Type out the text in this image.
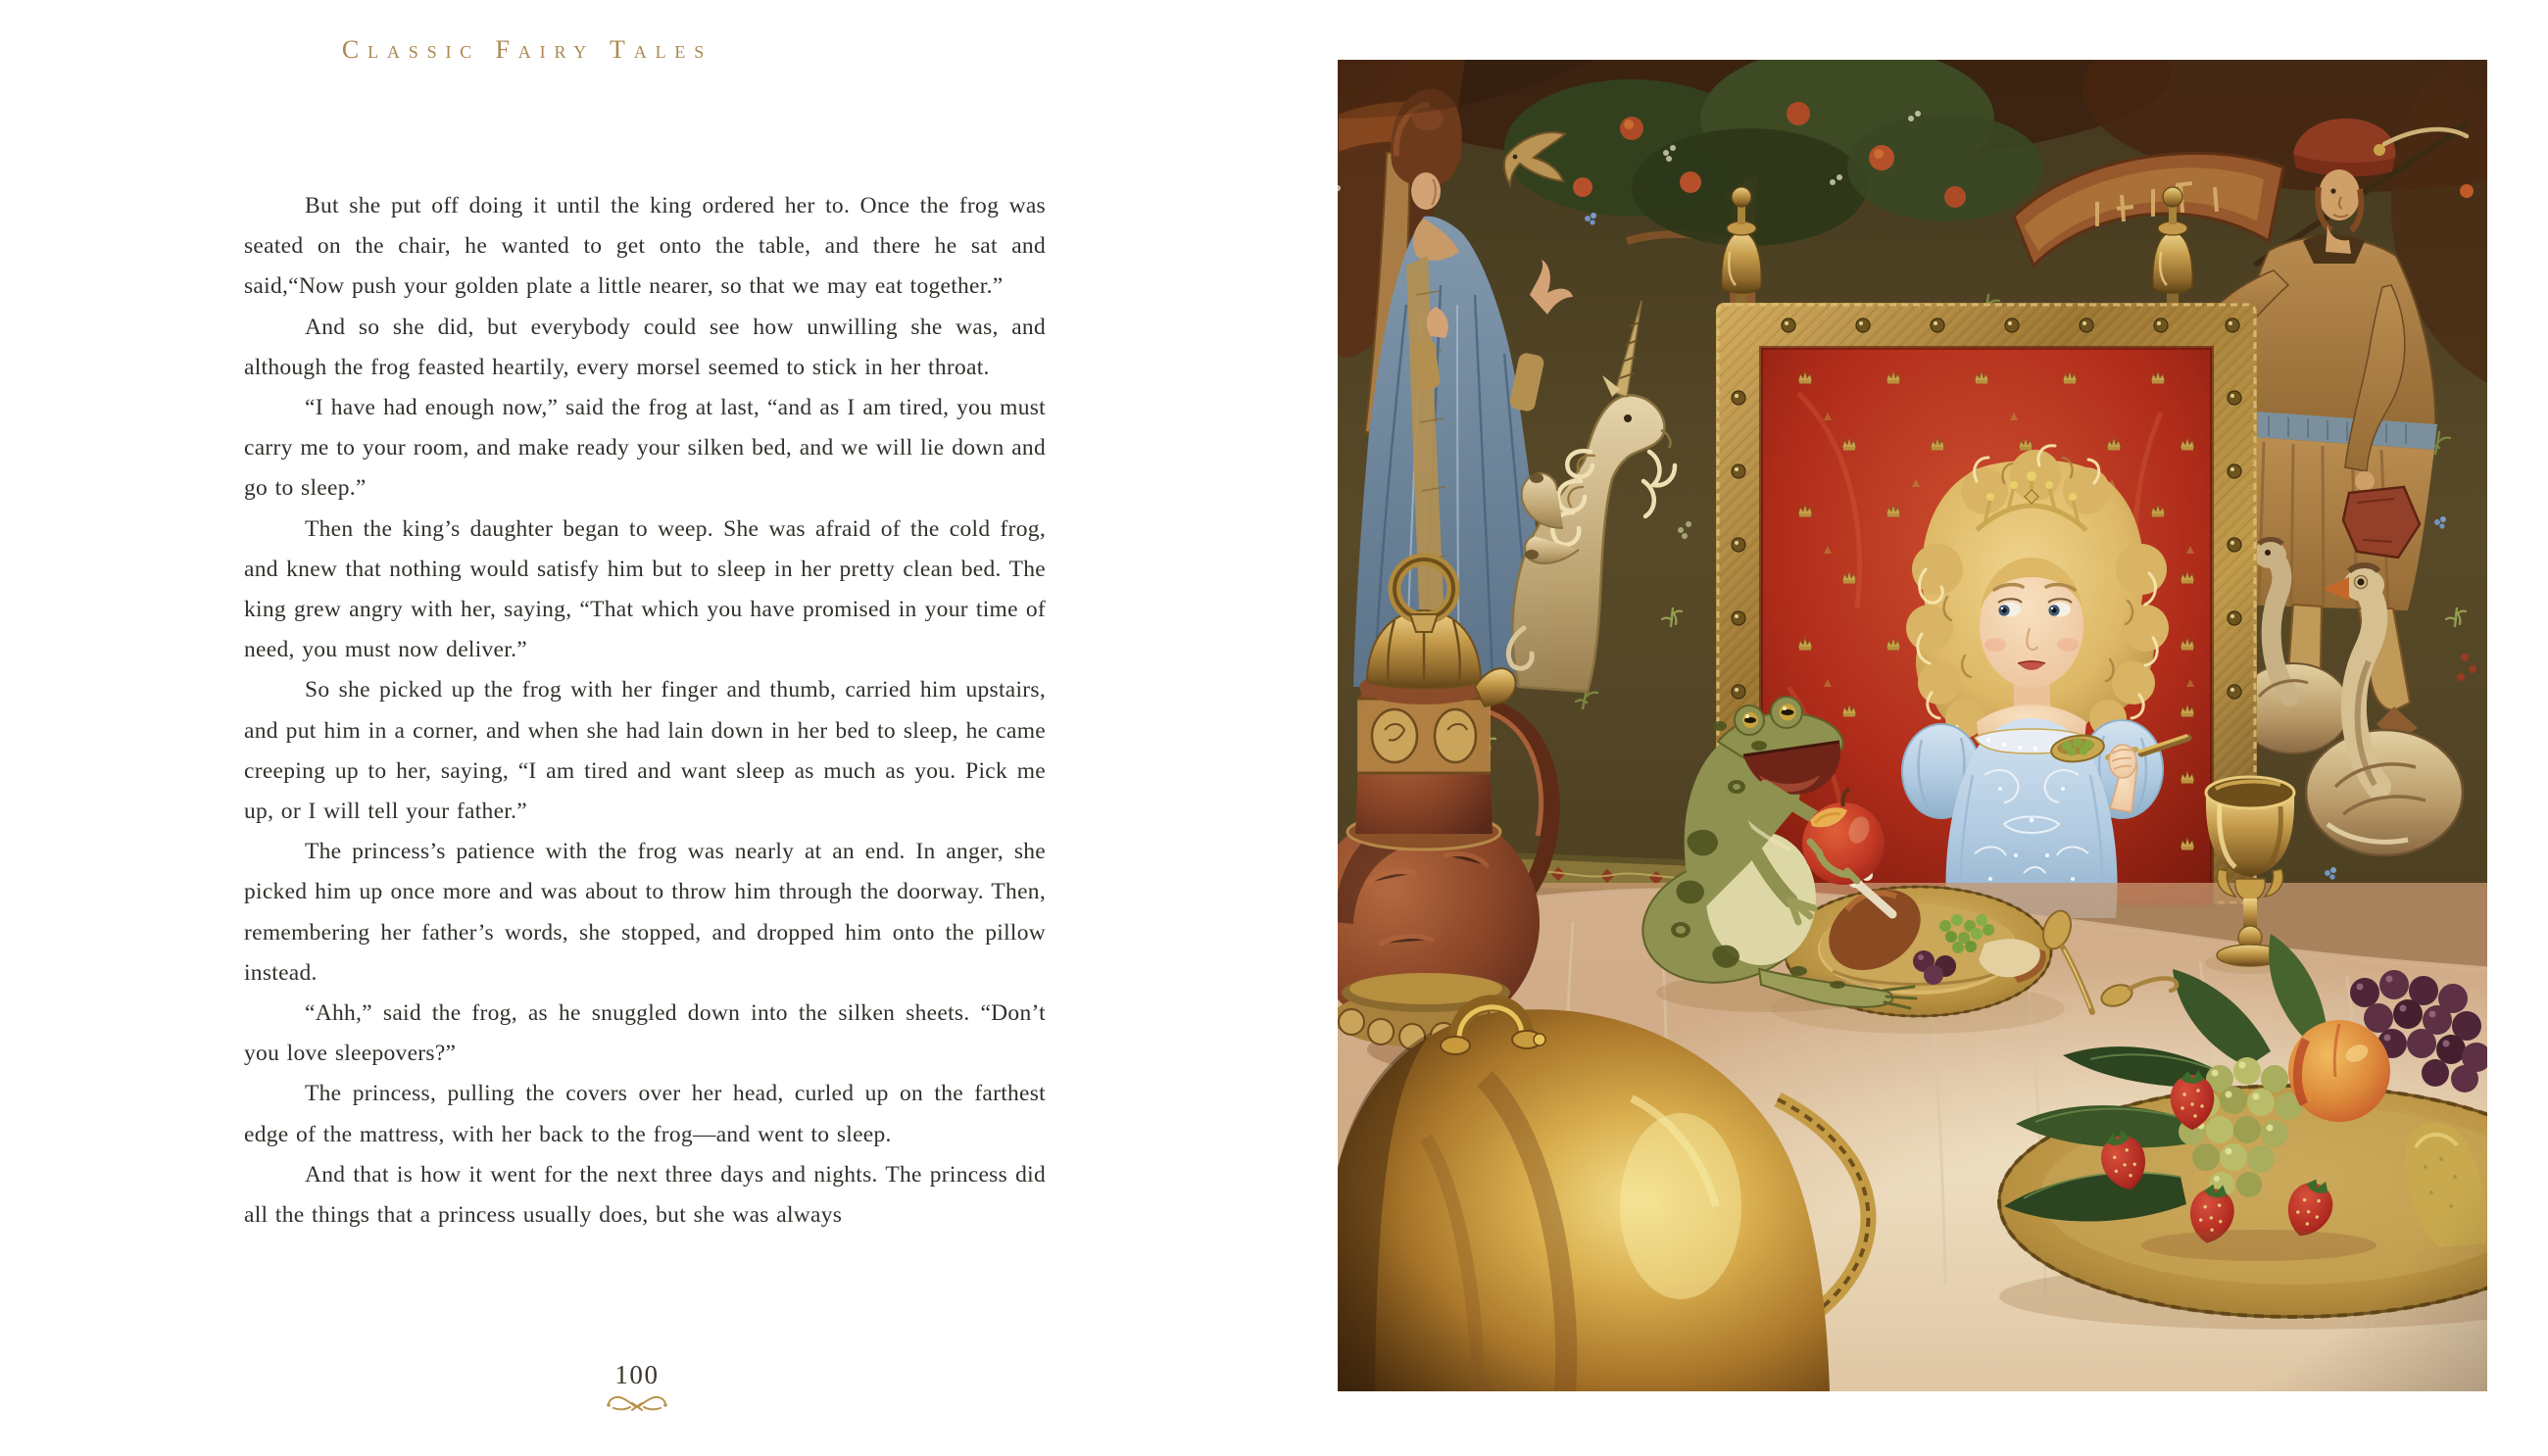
Classic Fairy Tales

But she put off doing it until the king ordered her to. Once the frog was seated on the chair, he wanted to get onto the table, and there he sat and said,“Now push your golden plate a little nearer, so that we may eat together.”

And so she did, but everybody could see how unwilling she was, and although the frog feasted heartily, every morsel seemed to stick in her throat.

“I have had enough now,” said the frog at last, “and as I am tired, you must carry me to your room, and make ready your silken bed, and we will lie down and go to sleep.”

Then the king’s daughter began to weep. She was afraid of the cold frog, and knew that nothing would satisfy him but to sleep in her pretty clean bed. The king grew angry with her, saying, “That which you have promised in your time of need, you must now deliver.”

So she picked up the frog with her finger and thumb, carried him upstairs, and put him in a corner, and when she had lain down in her bed to sleep, he came creeping up to her, saying, “I am tired and want sleep as much as you. Pick me up, or I will tell your father.”

The princess’s patience with the frog was nearly at an end. In anger, she picked him up once more and was about to throw him through the doorway. Then, remembering her father’s words, she stopped, and dropped him onto the pillow instead.

“Ahh,” said the frog, as he snuggled down into the silken sheets. “Don’t you love sleepovers?”

The princess, pulling the covers over her head, curled up on the farthest edge of the mattress, with her back to the frog—and went to sleep.

And that is how it went for the next three days and nights. The princess did all the things that a princess usually does, but she was always

100
